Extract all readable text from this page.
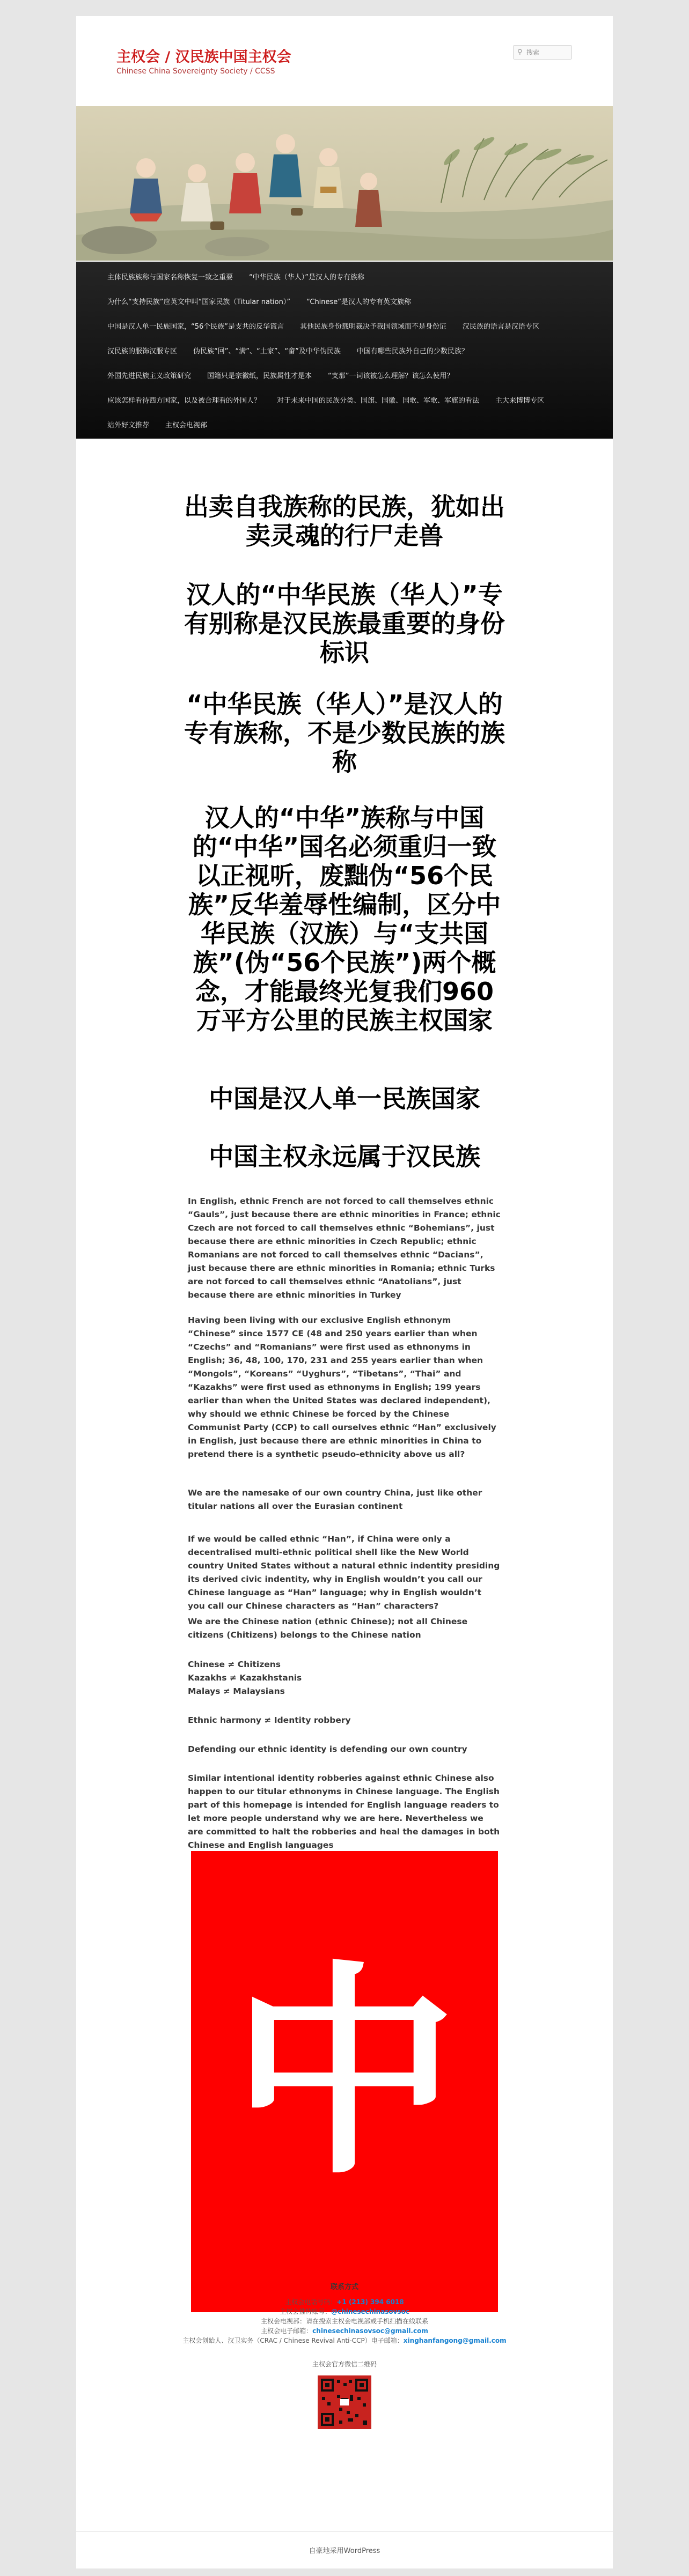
主权会 / 汉民族中国主权会
Chinese China Sovereignty Society / CCSS
⚲ 搜索
主体民族族称与国家名称恢复一致之重要 “中华民族（华人）”是汉人的专有族称
为什么“支持民族”应英文中叫“国家民族（Titular nation）” “Chinese”是汉人的专有英文族称
中国是汉人单一民族国家，“56个民族”是支共的反华谎言 其他民族身份载明裁决予我国领域而不是身份证 汉民族的语言是汉语专区
汉民族的服饰汉服专区 伪民族“回”、“满”、“土家”、“畲”及中华伪民族 中国有哪些民族外自己的少数民族？
外国先进民族主义政策研究 国籍只是宗徽纸，民族属性才是本 “支那”一词该被怎么理解？该怎么使用？
应该怎样看待西方国家，以及被合理看的外国人？ 对于未来中国的民族分类、国旗、国徽、国歌、军歌、军旗的看法 主大来博博专区
站外好文推荐 主权会电视部
出卖自我族称的民族，犹如出卖灵魂的行尸走兽
汉人的“中华民族（华人）”专有别称是汉民族最重要的身份标识
“中华民族（华人）”是汉人的专有族称，不是少数民族的族称
汉人的“中华”族称与中国的“中华”国名必须重归一致以正视听，废黜伪“56个民族”反华羞辱性编制，区分中华民族（汉族）与“支共国族”(伪“56个民族”)两个概念，才能最终光复我们960万平方公里的民族主权国家
中国是汉人单一民族国家
中国主权永远属于汉民族

In English, ethnic French are not forced to call themselves ethnic “Gauls”, just because there are ethnic minorities in France; ethnic Czech are not forced to call themselves ethnic “Bohemians”, just because there are ethnic minorities in Czech Republic; ethnic Romanians are not forced to call themselves ethnic “Dacians”, just because there are ethnic minorities in Romania; ethnic Turks are not forced to call themselves ethnic “Anatolians”, just because there are ethnic minorities in Turkey

Having been living with our exclusive English ethnonym “Chinese” since 1577 CE (48 and 250 years earlier than when “Czechs” and “Romanians” were first used as ethnonyms in English; 36, 48, 100, 170, 231 and 255 years earlier than when “Mongols”, “Koreans” “Uyghurs”, “Tibetans”, “Thai” and “Kazakhs” were first used as ethnonyms in English; 199 years earlier than when the United States was declared independent), why should we ethnic Chinese be forced by the Chinese Communist Party (CCP) to call ourselves ethnic “Han” exclusively in English, just because there are ethnic minorities in China to pretend there is a synthetic pseudo-ethnicity above us all?

We are the namesake of our own country China, just like other titular nations all over the Eurasian continent

If we would be called ethnic “Han”, if China were only a decentralised multi-ethnic political shell like the New World country United States without a natural ethnic indentity presiding its derived civic indentity, why in English wouldn’t you call our Chinese language as “Han” language; why in English wouldn’t you call our Chinese characters as “Han” characters?

We are the Chinese nation (ethnic Chinese); not all Chinese citizens (Chitizens) belongs to the Chinese nation

Chinese ≠ Chitizens
Kazakhs ≠ Kazakhstanis
Malays ≠ Malaysians

Ethnic harmony ≠ Identity robbery

Defending our ethnic identity is defending our own country

Similar intentional identity robberies against ethnic Chinese also happen to our titular ethnonyms in Chinese language. The English part of this homepage is intended for English language readers to let more people understand why we are here. Nevertheless we are committed to halt the robberies and heal the damages in both Chinese and English languages

中
联系方式
主权会电话号码：+1 (213) 394 6018
主权会推特账号：@chinesechinasovsoc
主权会电视部：请在搜索主权会电视部或手机扫描在线联系
主权会电子邮箱：chinesechinasovsoc@gmail.com
主权会创始人、汉卫实务（CRAC / Chinese Revival Anti-CCP）电子邮箱：xinghanfangong@gmail.com
主权会官方微信二维码
自豪地采用WordPress
